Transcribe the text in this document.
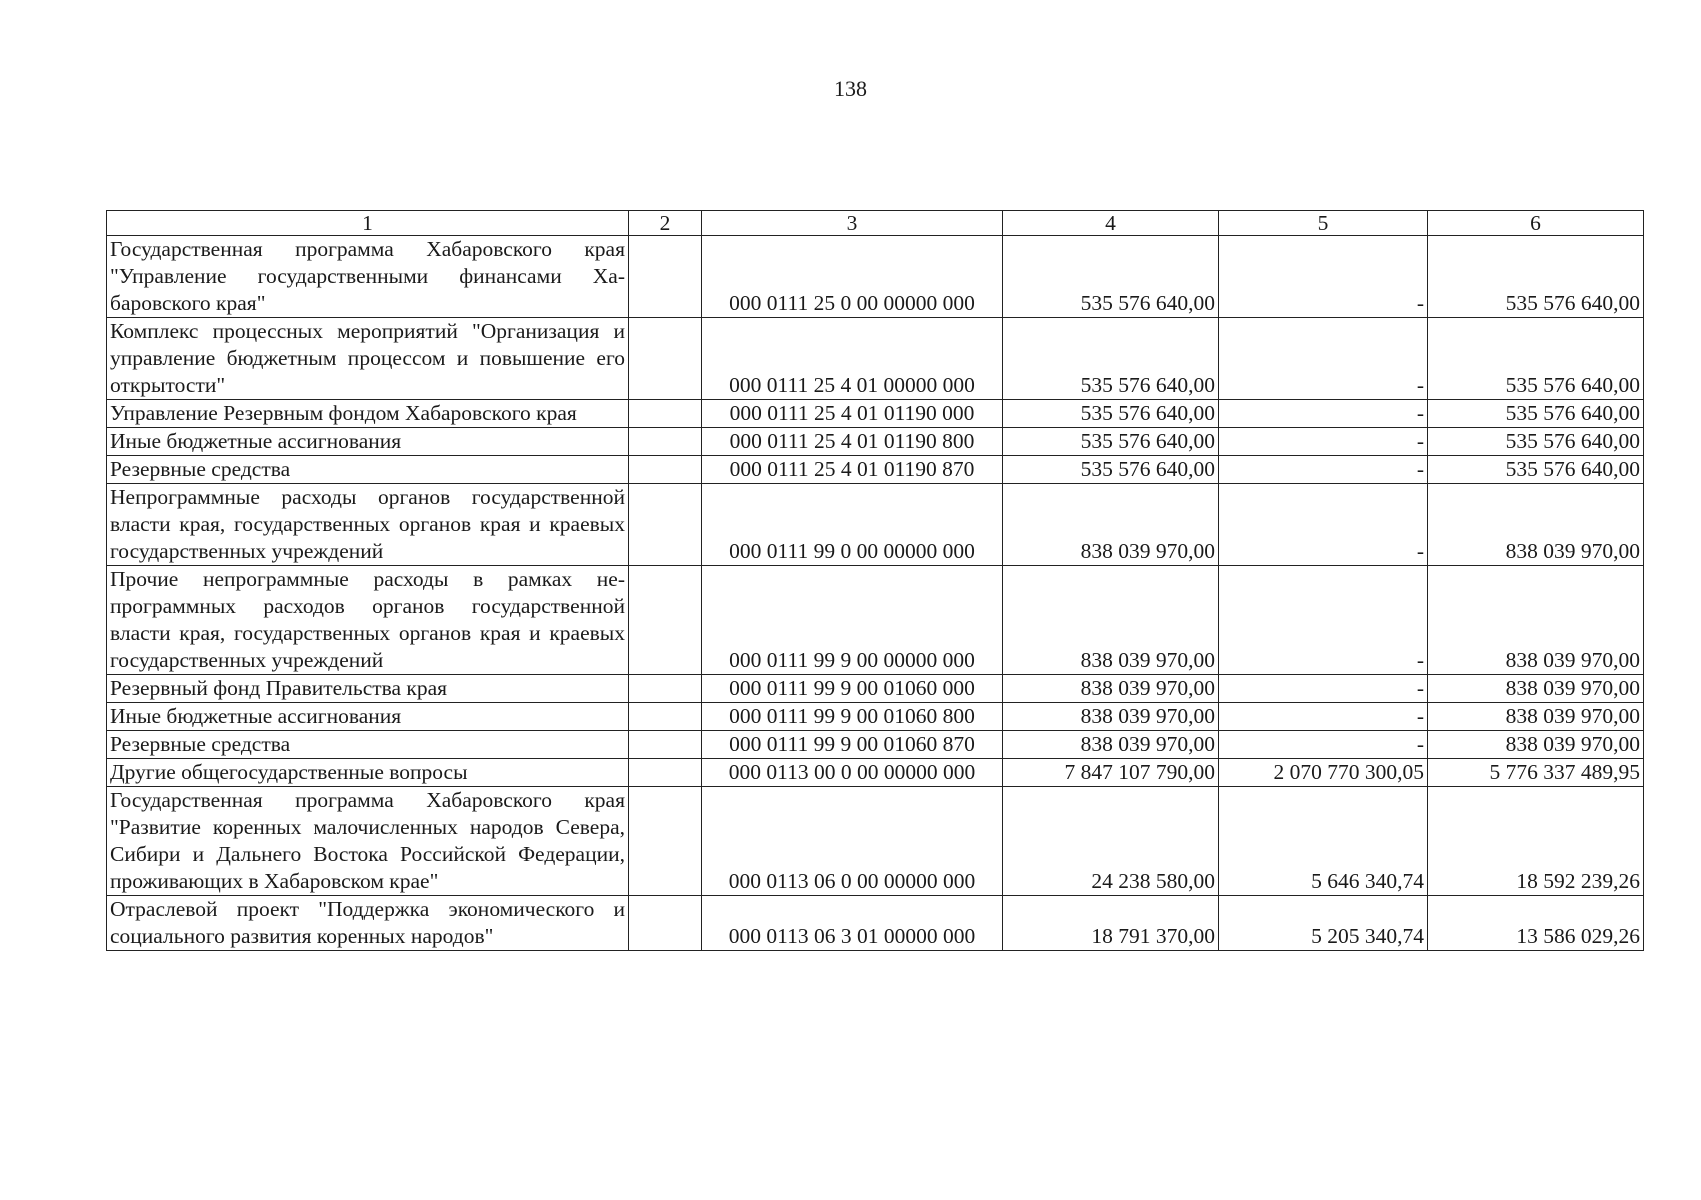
138
1	2	3	4	5	6
Государственная программа Хабаровского края "Управление государственными финансами Хабаровского края"		000 0111 25 0 00 00000 000	535 576 640,00	-	535 576 640,00
Комплекс процессных мероприятий "Организация и управление бюджетным процессом и повышение его открытости"		000 0111 25 4 01 00000 000	535 576 640,00	-	535 576 640,00
Управление Резервным фондом Хабаровского края		000 0111 25 4 01 01190 000	535 576 640,00	-	535 576 640,00
Иные бюджетные ассигнования		000 0111 25 4 01 01190 800	535 576 640,00	-	535 576 640,00
Резервные средства		000 0111 25 4 01 01190 870	535 576 640,00	-	535 576 640,00
Непрограммные расходы органов государственной власти края, государственных органов края и краевых государственных учреждений		000 0111 99 0 00 00000 000	838 039 970,00	-	838 039 970,00
Прочие непрограммные расходы в рамках непрограммных расходов органов государственной власти края, государственных органов края и краевых государственных учреждений		000 0111 99 9 00 00000 000	838 039 970,00	-	838 039 970,00
Резервный фонд Правительства края		000 0111 99 9 00 01060 000	838 039 970,00	-	838 039 970,00
Иные бюджетные ассигнования		000 0111 99 9 00 01060 800	838 039 970,00	-	838 039 970,00
Резервные средства		000 0111 99 9 00 01060 870	838 039 970,00	-	838 039 970,00
Другие общегосударственные вопросы		000 0113 00 0 00 00000 000	7 847 107 790,00	2 070 770 300,05	5 776 337 489,95
Государственная программа Хабаровского края "Развитие коренных малочисленных народов Севера, Сибири и Дальнего Востока Российской Федерации, проживающих в Хабаровском крае"		000 0113 06 0 00 00000 000	24 238 580,00	5 646 340,74	18 592 239,26
Отраслевой проект "Поддержка экономического и социального развития коренных народов"		000 0113 06 3 01 00000 000	18 791 370,00	5 205 340,74	13 586 029,26
